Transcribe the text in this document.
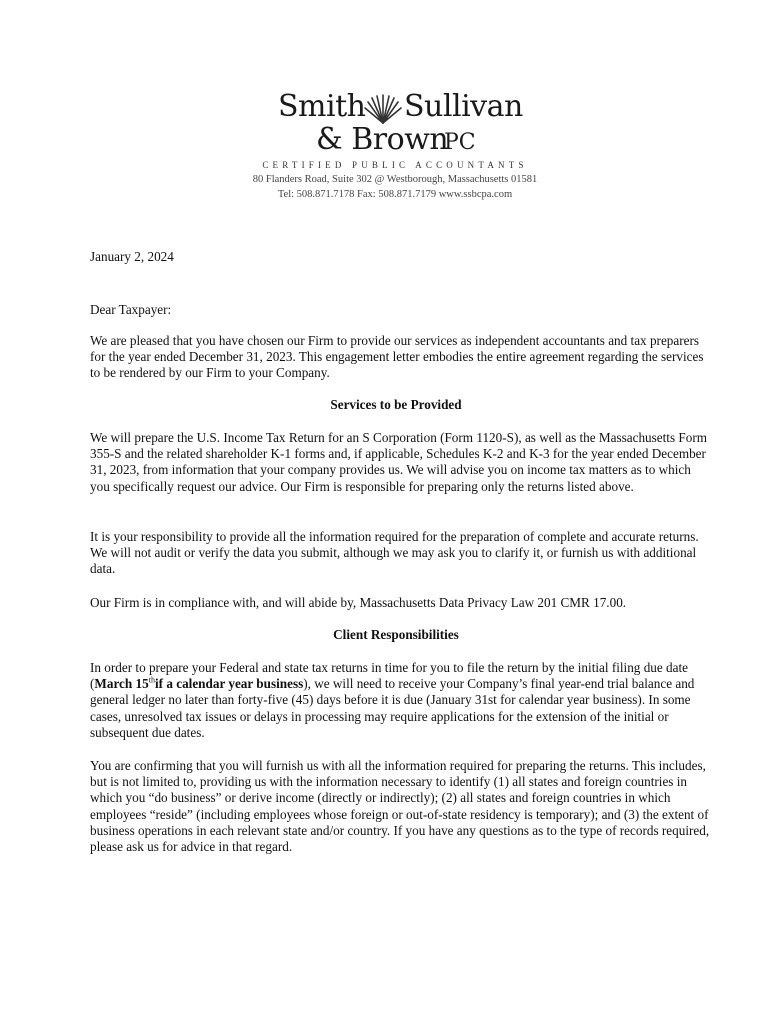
Smith Sullivan
& Brown
PC
CERTIFIED PUBLIC ACCOUNTANTS
80 Flanders Road, Suite 302 @ Westborough, Massachusetts 01581
Tel: 508.871.7178 Fax: 508.871.7179 www.ssbcpa.com

January 2, 2024

Dear Taxpayer:

We are pleased that you have chosen our Firm to provide our services as independent accountants and tax preparers for the year ended December 31, 2023. This engagement letter embodies the entire agreement regarding the services to be rendered by our Firm to your Company.

Services to be Provided

We will prepare the U.S. Income Tax Return for an S Corporation (Form 1120-S), as well as the Massachusetts Form 355-S and the related shareholder K-1 forms and, if applicable, Schedules K-2 and K-3 for the year ended December 31, 2023, from information that your company provides us. We will advise you on income tax matters as to which you specifically request our advice. Our Firm is responsible for preparing only the returns listed above.

It is your responsibility to provide all the information required for the preparation of complete and accurate returns. We will not audit or verify the data you submit, although we may ask you to clarify it, or furnish us with additional data.

Our Firm is in compliance with, and will abide by, Massachusetts Data Privacy Law 201 CMR 17.00.

Client Responsibilities

In order to prepare your Federal and state tax returns in time for you to file the return by the initial filing due date (March 15thif a calendar year business), we will need to receive your Company’s final year-end trial balance and general ledger no later than forty-five (45) days before it is due (January 31st for calendar year business). In some cases, unresolved tax issues or delays in processing may require applications for the extension of the initial or subsequent due dates.

You are confirming that you will furnish us with all the information required for preparing the returns. This includes, but is not limited to, providing us with the information necessary to identify (1) all states and foreign countries in which you “do business” or derive income (directly or indirectly); (2) all states and foreign countries in which employees “reside” (including employees whose foreign or out-of-state residency is temporary); and (3) the extent of business operations in each relevant state and/or country. If you have any questions as to the type of records required, please ask us for advice in that regard.
